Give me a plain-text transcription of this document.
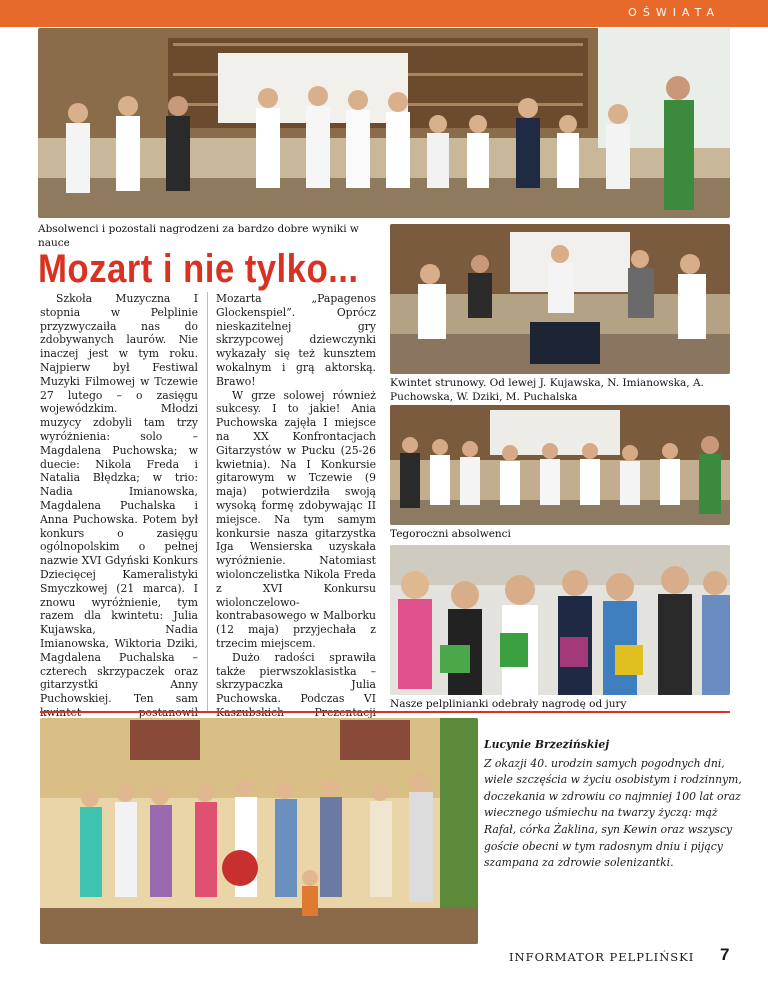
OŚWIATA
Absolwenci i pozostali nagrodzeni za bardzo dobre wyniki w nauce
Kwintet strunowy. Od lewej J. Kujawska, N. Imianowska, A. Puchowska, W. Dziki, M. Puchalska
Tegoroczni absolwenci
Nasze pelplinianki odebrały nagrodę od jury
Mozart i nie tylko...

Szkoła Muzyczna I stopnia w Pelplinie przyzwyczaiła nas do zdobywanych laurów. Nie inaczej jest w tym roku. Najpierw był Festiwal Muzyki Filmowej w Tczewie 27 lutego – o zasięgu wojewódzkim. Młodzi muzycy zdobyli tam trzy wyróżnienia: solo – Magdalena Puchowska; w duecie: Nikola Freda i Natalia Błędzka; w trio: Nadia Imianowska, Magdalena Puchalska i Anna Puchowska. Potem był konkurs o zasięgu ogólnopolskim o pełnej nazwie XVI Gdyński Konkurs Dziecięcej Kameralistyki Smyczkowej (21 marca). I znowu wyróżnienie, tym razem dla kwintetu: Julia Kujawska, Nadia Imianowska, Wiktoria Dziki, Magdalena Puchalska – czterech skrzypaczek oraz gitarzystki Anny Puchowskiej. Ten sam

Mozarta „Papagenos Glockenspiel”. Oprócz nieskazitelnej gry skrzypcowej dziewczynki wykazały się też kunsztem wokalnym i grą aktorską. Brawo!

W grze solowej również sukcesy. I to jakie! Ania Puchowska zajęła I miejsce na XX Konfrontacjach Gitarzystów w Pucku (25-26 kwietnia). Na I Konkursie gitarowym w Tczewie (9 maja) potwierdziła swoją wysoką formę zdobywając II miejsce. Na tym samym konkursie nasza gitarzystka Iga Wensierska uzyskała wyróżnienie. Natomiast wiolonczelistka Nikola Freda z XVI Konkursu wiolonczelowo-kontrabasowego w Malborku (12 maja) przyjechała z trzecim miejscem.

Dużo radości sprawiła także pierwszoklasistka – skrzypaczka Julia Puchowska. Podczas VI

Lucynie Brzezińskiej
Z okazji 40. urodzin samych pogodnych dni, wiele szczęścia w życiu osobistym i rodzinnym, doczekania w zdrowiu co najmniej 100 lat oraz wiecznego uśmiechu na twarzy życzą: mąż Rafał, córka Żaklina, syn Kewin oraz wszyscy goście obecni w tym radosnym dniu i pijący szampana za zdrowie solenizantki.
INFORMATOR PELPLIŃSKI 7
